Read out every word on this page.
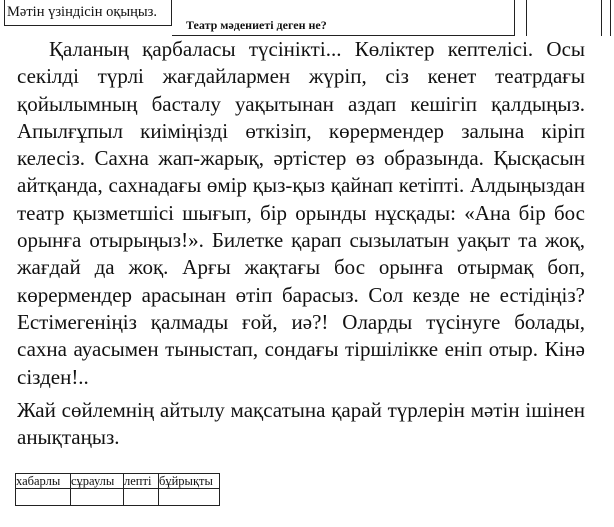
Мәтін үзіндісін оқыңыз.
Театр мәдениеті деген не?

Қаланың қарбаласы түсінікті... Көліктер кептелісі. Осы секілді түрлі жағдайлармен жүріп, сіз кенет театрдағы қойылымның басталу уақытынан аздап кешігіп қалдыңыз. Апылғұпыл киіміңізді өткізіп, көрермендер залына кіріп келесіз. Сахна жап-жарық, әртістер өз образында. Қысқасын айтқанда, сахнадағы өмір қыз-қыз қайнап кетіпті. Алдыңыздан театр қызметшісі шығып, бір орынды нұсқады: «Ана бір бос орынға отырыңыз!». Билетке қарап сызылатын уақыт та жоқ, жағдай да жоқ. Арғы жақтағы бос орынға отырмақ боп, көрермендер арасынан өтіп барасыз. Сол кезде не естідіңіз? Естімегеніңіз қалмады ғой, иә?! Оларды түсінуге болады, сахна ауасымен тыныстап, сондағы тіршілікке еніп отыр. Кінә сізден!..

Жай сөйлемнің айтылу мақсатына қарай түрлерін мәтін ішінен анықтаңыз.

хабарлы	сұраулы	лепті	бұйрықты
